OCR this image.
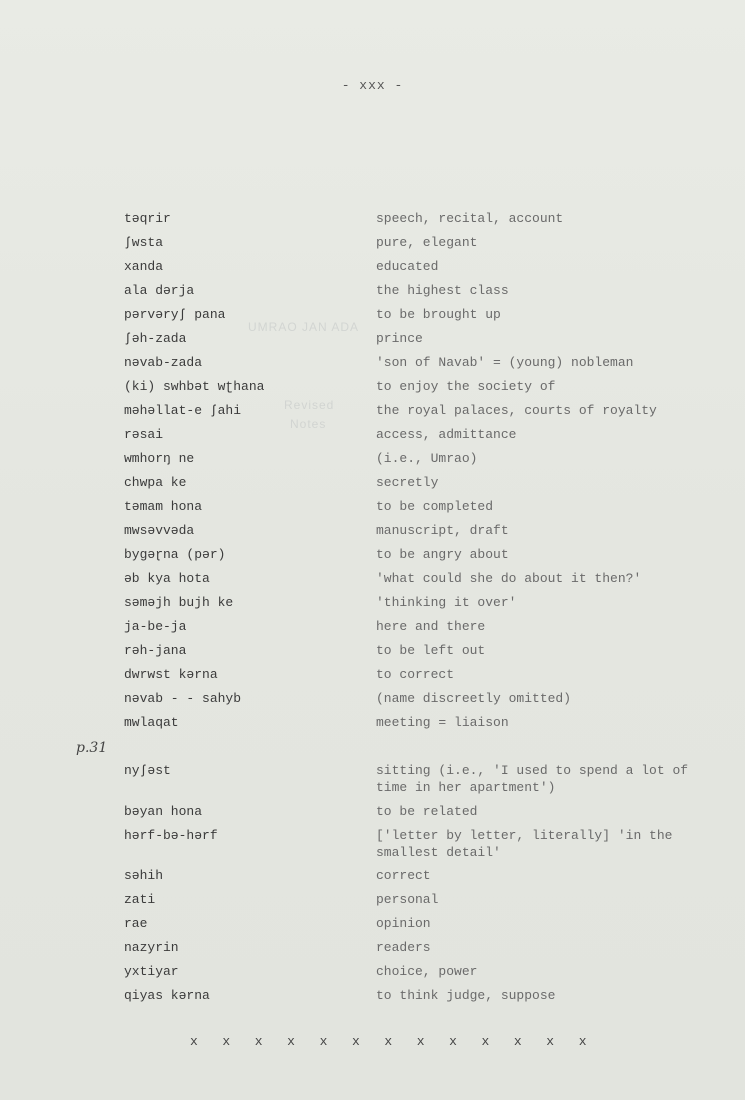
- xxx -
UMRAO JAN ADA
Revised
Notes
təqrir	speech, recital, account
ʃwsta	pure, elegant
xanda	educated
ala dərja	the highest class
pərvəryʃ pana	to be brought up
ʃəh-zada	prince
nəvab-zada	'son of Navab' = (young) nobleman
(ki) swhbət wʈhana	to enjoy the society of
məhəllat-e ʃahi	the royal palaces, courts of royalty
rəsai	access, admittance
wmhorŋ ne	(i.e., Umrao)
chwpa ke	secretly
təmam hona	to be completed
mwsəvvəda	manuscript, draft
bygəɽna (pər)	to be angry about
əb kya hota	'what could she do about it then?'
səməjh bujh ke	'thinking it over'
ja-be-ja	here and there
rəh-jana	to be left out
dwrwst kərna	to correct
nəvab - - sahyb	(name discreetly omitted)
mwlaqat	meeting = liaison
nyʃəst	sitting (i.e., 'I used to spend a lot of time in her apartment')
bəyan hona	to be related
hərf-bə-hərf	['letter by letter, literally] 'in the smallest detail'
səhih	correct
zati	personal
rae	opinion
nazyrin	readers
yxtiyar	choice, power
qiyas kərna	to think judge, suppose
p.31
x x x x x x x x x x x x x
